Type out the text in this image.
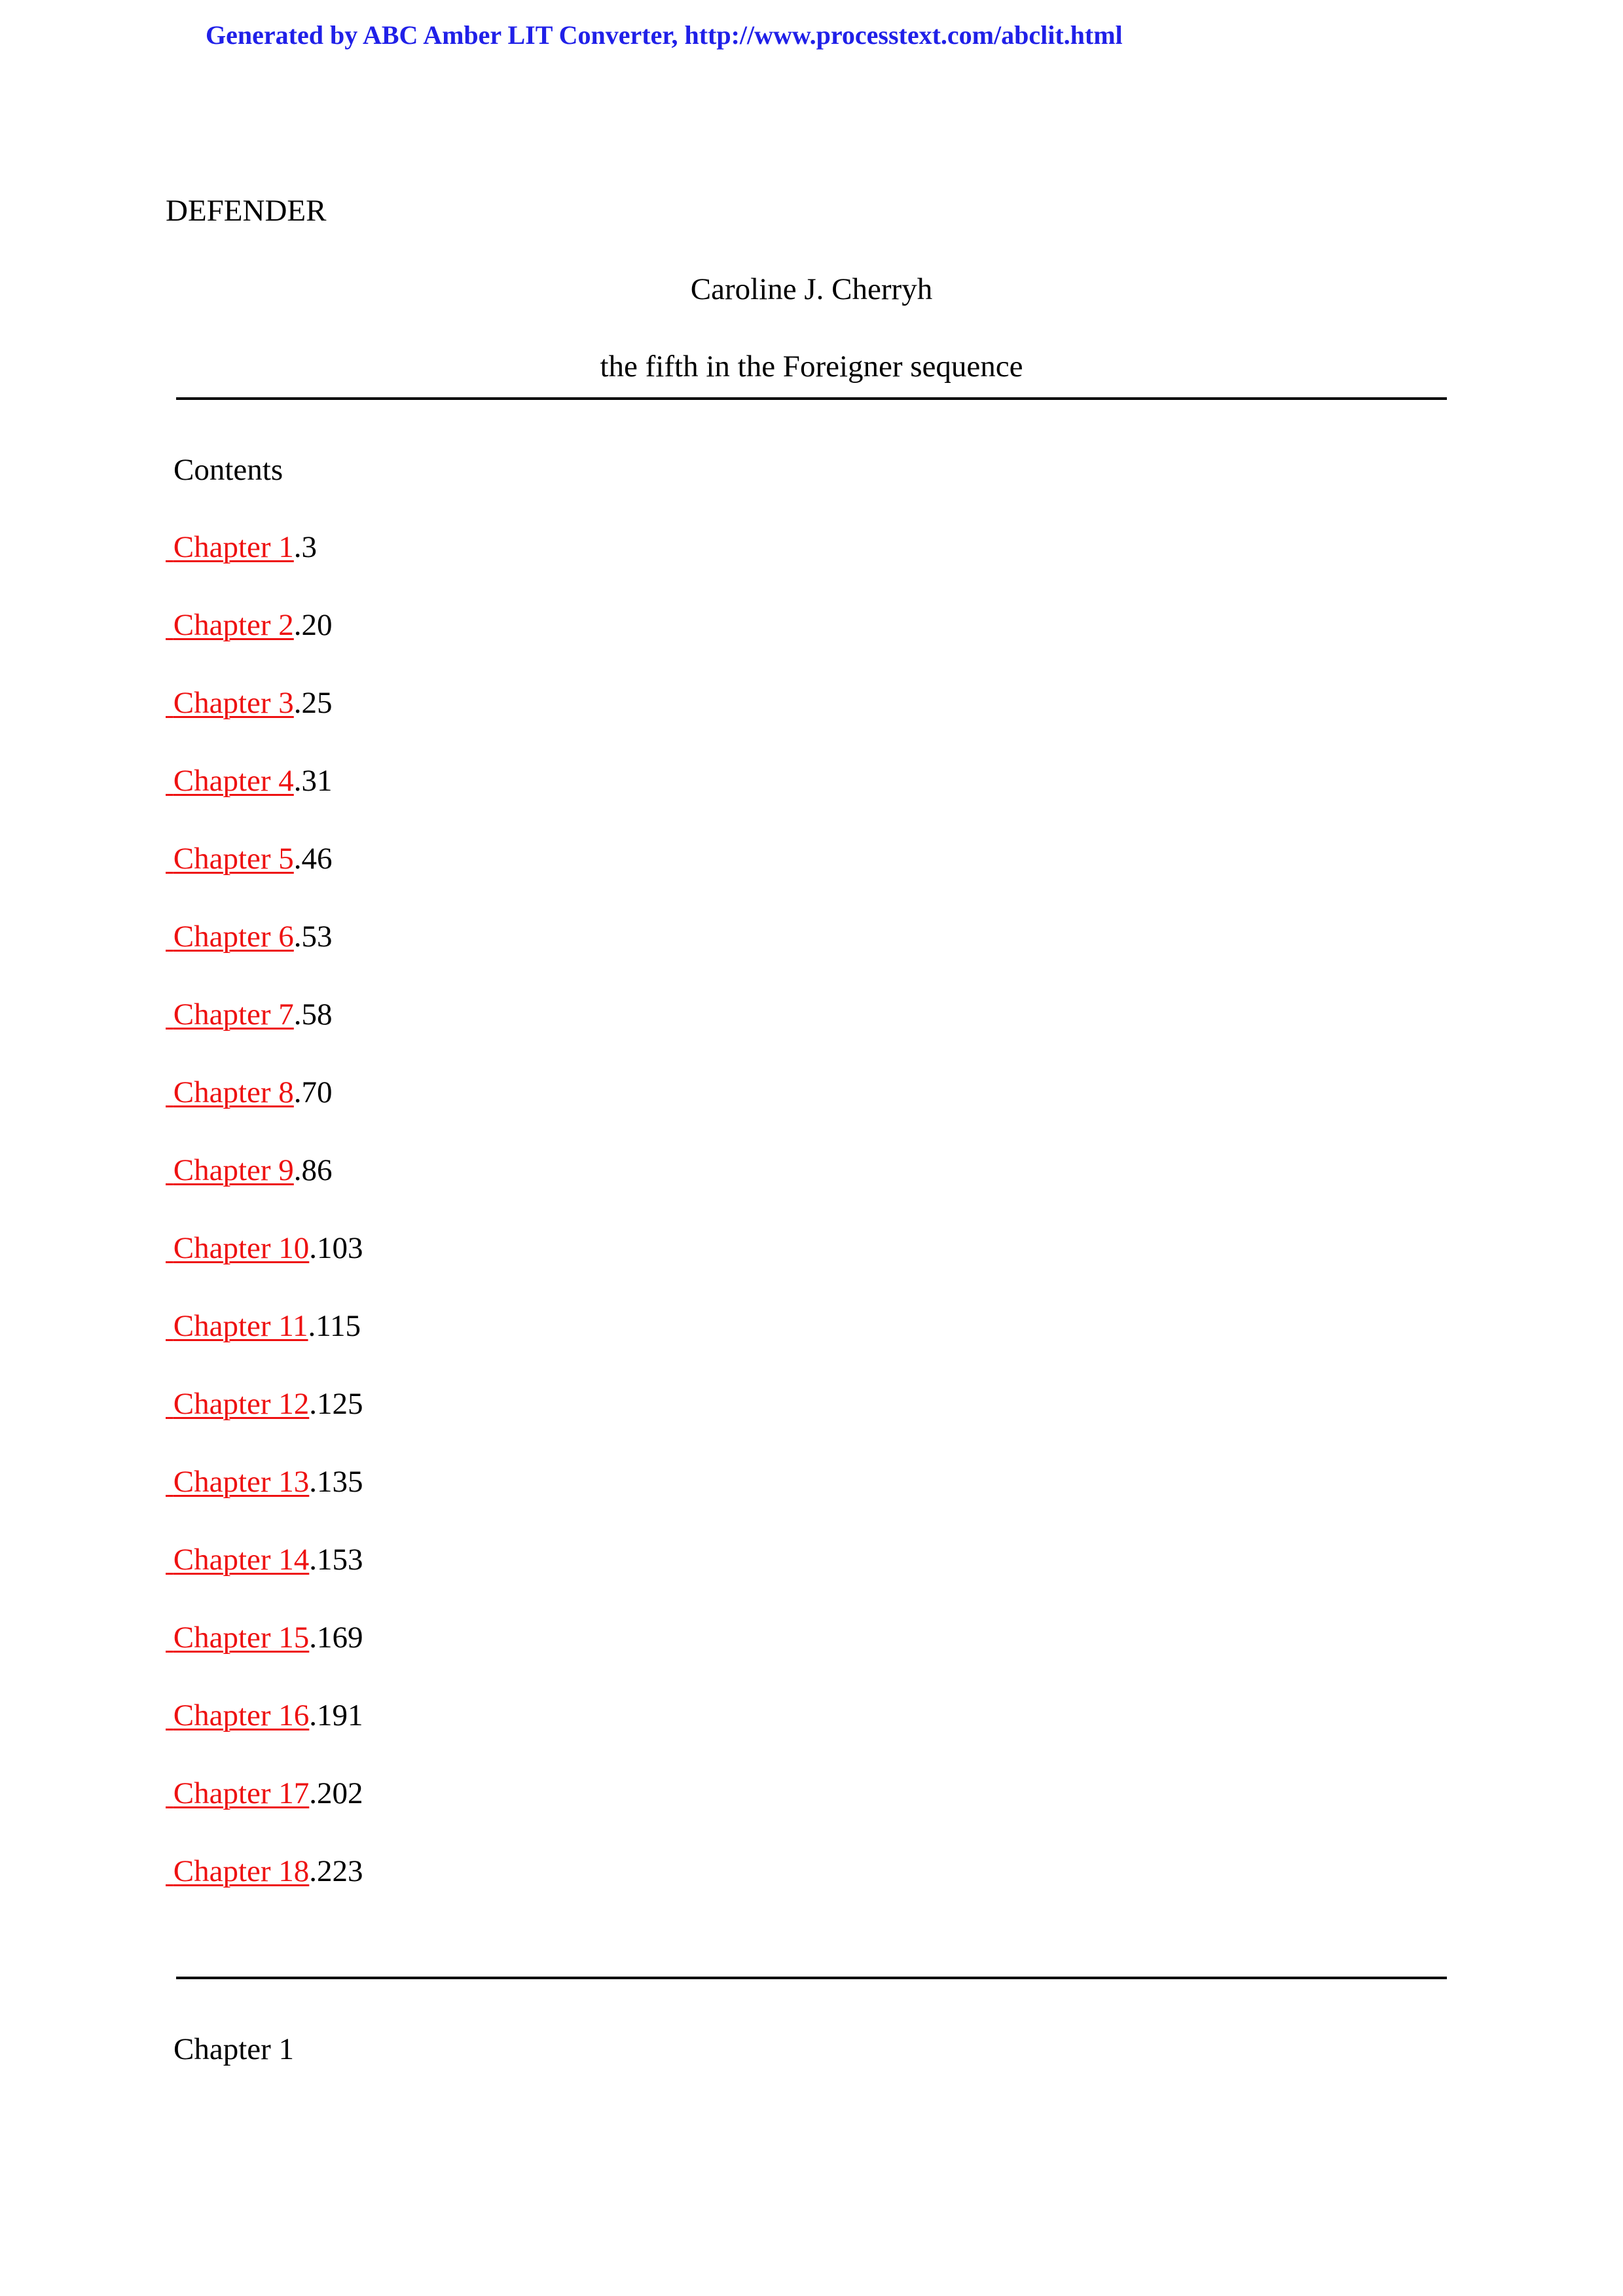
Generated by ABC Amber LIT Converter, http://www.processtext.com/abclit.html
DEFENDER
Caroline J. Cherryh
the fifth in the Foreigner sequence
Contents
Chapter 1.3
Chapter 2.20
Chapter 3.25
Chapter 4.31
Chapter 5.46
Chapter 6.53
Chapter 7.58
Chapter 8.70
Chapter 9.86
Chapter 10.103
Chapter 11.115
Chapter 12.125
Chapter 13.135
Chapter 14.153
Chapter 15.169
Chapter 16.191
Chapter 17.202
Chapter 18.223
Chapter 1
